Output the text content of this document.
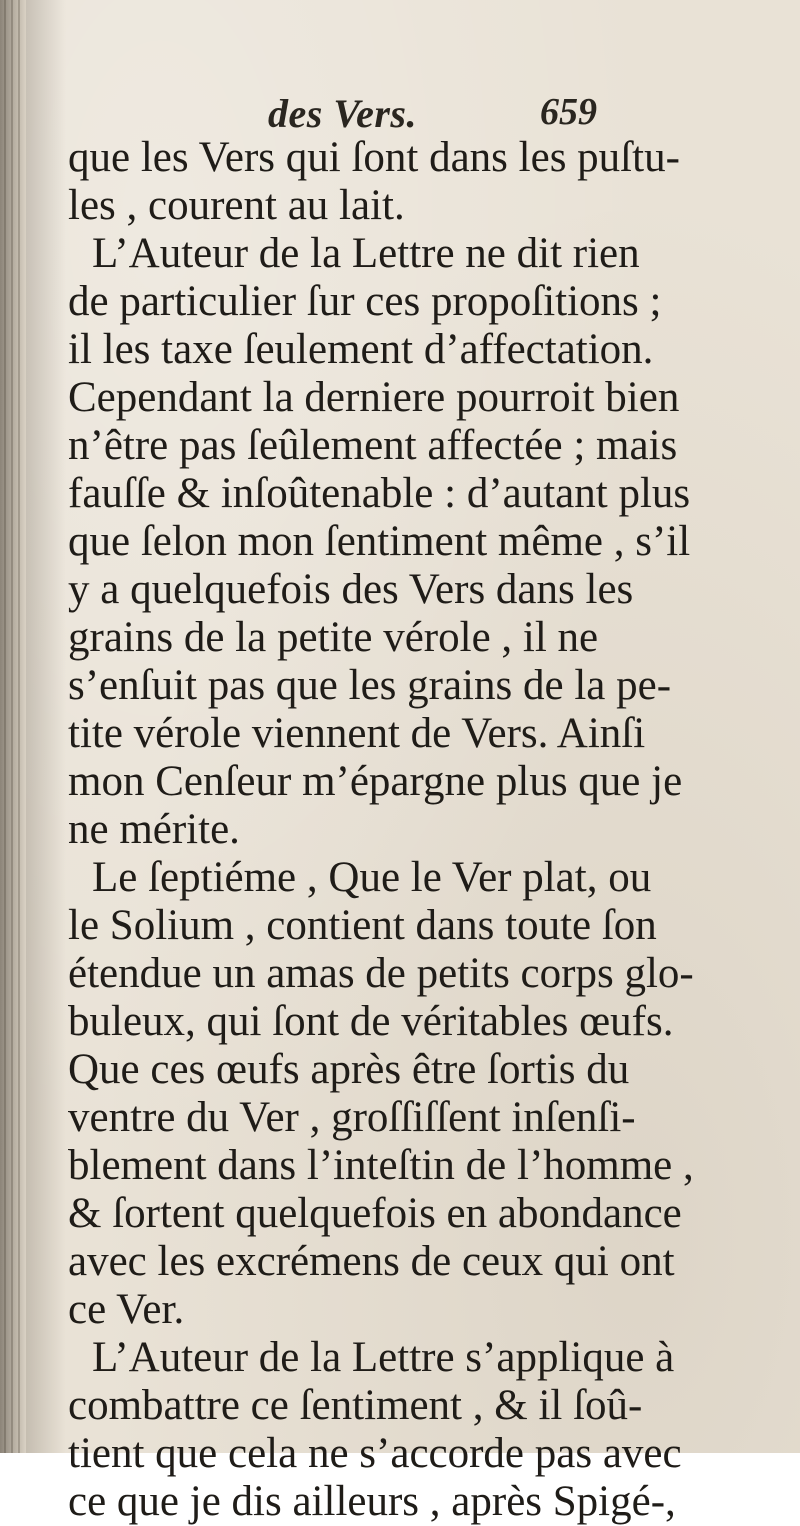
des Vers.	659
que les Vers qui ſont dans les puſtu-
les , courent au lait.
L’Auteur de la Lettre ne dit rien
de particulier ſur ces propoſitions ;
il les taxe ſeulement d’affectation.
Cependant la derniere pourroit bien
n’être pas ſeûlement affectée ; mais
fauſſe & inſoûtenable : d’autant plus
que ſelon mon ſentiment même , s’il
y a quelquefois des Vers dans les
grains de la petite vérole , il ne
s’enſuit pas que les grains de la pe-
tite vérole viennent de Vers. Ainſi
mon Cenſeur m’épargne plus que je
ne mérite.
Le ſeptiéme , Que le Ver plat, ou
le Solium , contient dans toute ſon
étendue un amas de petits corps glo-
buleux, qui ſont de véritables œufs.
Que ces œufs après être ſortis du
ventre du Ver , groſſiſſent inſenſi-
blement dans l’inteſtin de l’homme ,
& ſortent quelquefois en abondance
avec les excrémens de ceux qui ont
ce Ver.
L’Auteur de la Lettre s’applique à
combattre ce ſentiment , & il ſoû-
tient que cela ne s’accorde pas avec
ce que je dis ailleurs , après Spigé-,
